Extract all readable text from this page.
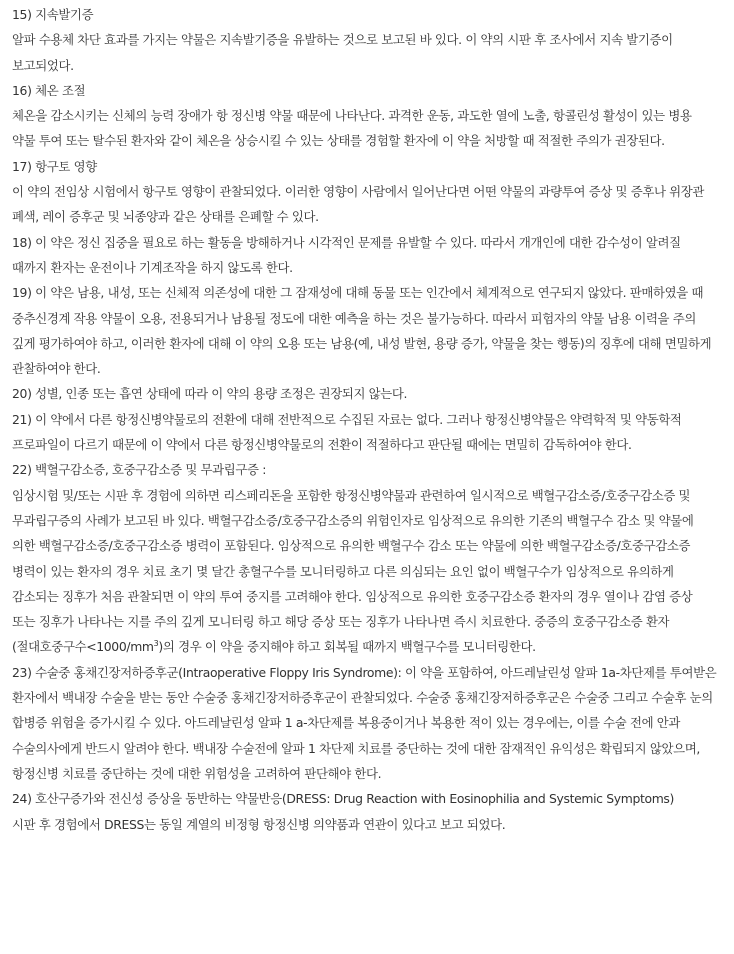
15) 지속발기증

알파 수용체 차단 효과를 가지는 약물은 지속발기증을 유발하는 것으로 보고된 바 있다. 이 약의 시판 후 조사에서 지속 발기증이 보고되었다.

16) 체온 조절

체온을 감소시키는 신체의 능력 장애가 항 정신병 약물 때문에 나타난다. 과격한 운동, 과도한 열에 노출, 항콜린성 활성이 있는 병용 약물 투여 또는 탈수된 환자와 같이 체온을 상승시킬 수 있는 상태를 경험할 환자에 이 약을 처방할 때 적절한 주의가 권장된다.

17) 항구토 영향

이 약의 전임상 시험에서 항구토 영향이 관찰되었다. 이러한 영향이 사람에서 일어난다면 어떤 약물의 과량투여 증상 및 증후나 위장관 폐색, 레이 증후군 및 뇌종양과 같은 상태를 은폐할 수 있다.

18) 이 약은 정신 집중을 필요로 하는 활동을 방해하거나 시각적인 문제를 유발할 수 있다. 따라서 개개인에 대한 감수성이 알려질 때까지 환자는 운전이나 기계조작을 하지 않도록 한다.

19) 이 약은 남용, 내성, 또는 신체적 의존성에 대한 그 잠재성에 대해 동물 또는 인간에서 체계적으로 연구되지 않았다. 판매하였을 때 중추신경계 작용 약물이 오용, 전용되거나 남용될 정도에 대한 예측을 하는 것은 불가능하다. 따라서 피험자의 약물 남용 이력을 주의 깊게 평가하여야 하고, 이러한 환자에 대해 이 약의 오용 또는 남용(예, 내성 발현, 용량 증가, 약물을 찾는 행동)의 징후에 대해 면밀하게 관찰하여야 한다.

20) 성별, 인종 또는 흡연 상태에 따라 이 약의 용량 조정은 권장되지 않는다.

21) 이 약에서 다른 항정신병약물로의 전환에 대해 전반적으로 수집된 자료는 없다. 그러나 항정신병약물은 약력학적 및 약동학적 프로파일이 다르기 때문에 이 약에서 다른 항정신병약물로의 전환이 적절하다고 판단될 때에는 면밀히 감독하여야 한다.

22) 백혈구감소증, 호중구감소증 및 무과립구증 :

임상시험 및/또는 시판 후 경험에 의하면 리스페리돈을 포함한 항정신병약물과 관련하여 일시적으로 백혈구감소증/호중구감소증 및 무과립구증의 사례가 보고된 바 있다. 백혈구감소증/호중구감소증의 위험인자로 임상적으로 유의한 기존의 백혈구수 감소 및 약물에 의한 백혈구감소증/호중구감소증 병력이 포함된다. 임상적으로 유의한 백혈구수 감소 또는 약물에 의한 백혈구감소증/호중구감소증 병력이 있는 환자의 경우 치료 초기 몇 달간 총혈구수를 모니터링하고 다른 의심되는 요인 없이 백혈구수가 임상적으로 유의하게 감소되는 징후가 처음 관찰되면 이 약의 투여 중지를 고려해야 한다. 임상적으로 유의한 호중구감소증 환자의 경우 열이나 감염 증상 또는 징후가 나타나는 지를 주의 깊게 모니터링 하고 해당 증상 또는 징후가 나타나면 즉시 치료한다. 중증의 호중구감소증 환자(절대호중구수$<1000/mm^3$)의 경우 이 약을 중지해야 하고 회복될 때까지 백혈구수를 모니터링한다.

23) 수술중 홍채긴장저하증후군(Intraoperative Floppy Iris Syndrome): 이 약을 포함하여, 아드레날린성 알파 1a-차단제를 투여받은 환자에서 백내장 수술을 받는 동안 수술중 홍채긴장저하증후군이 관찰되었다. 수술중 홍채긴장저하증후군은 수술중 그리고 수술후 눈의 합병증 위험을 증가시킬 수 있다. 아드레날린성 알파 1 a-차단제를 복용중이거나 복용한 적이 있는 경우에는, 이를 수술 전에 안과 수술의사에게 반드시 알려야 한다. 백내장 수술전에 알파 1 차단제 치료를 중단하는 것에 대한 잠재적인 유익성은 확립되지 않았으며, 항정신병 치료를 중단하는 것에 대한 위험성을 고려하여 판단해야 한다.

24) 호산구증가와 전신성 증상을 동반하는 약물반응(DRESS: Drug Reaction with Eosinophilia and Systemic Symptoms)

시판 후 경험에서 DRESS는 동일 계열의 비정형 항정신병 의약품과 연관이 있다고 보고 되었다.
